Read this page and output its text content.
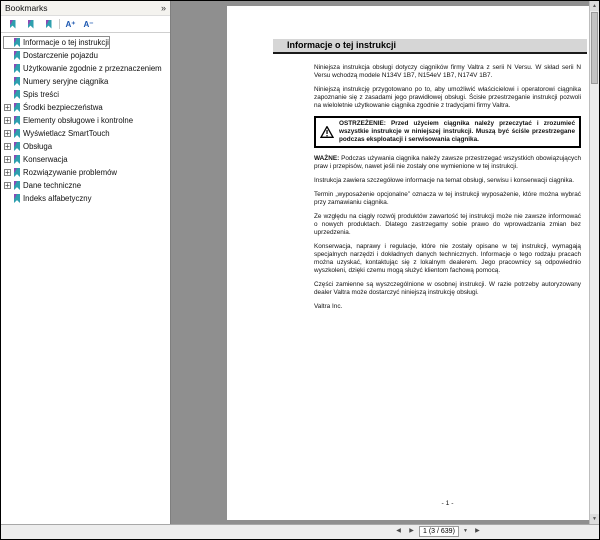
Bookmarks	»
A⁺	A⁻
Informacje o tej instrukcji
Dostarczenie pojazdu
Użytkowanie zgodnie z przeznaczeniem
Numery seryjne ciągnika
Spis treści
+ Środki bezpieczeństwa
+ Elementy obsługowe i kontrolne
+ Wyświetlacz SmartTouch
+ Obsługa
+ Konserwacja
+ Rozwiązywanie problemów
+ Dane techniczne
Indeks alfabetyczny
Informacje o tej instrukcji

Niniejsza instrukcja obsługi dotyczy ciągników firmy Valtra z serii N Versu. W skład serii N Versu wchodzą modele N134V 1B7, N154eV 1B7, N174V 1B7.

Niniejszą instrukcję przygotowano po to, aby umożliwić właścicielowi i operatorowi ciągnika zapoznanie się z zasadami jego prawidłowej obsługi. Ścisłe przestrzeganie instrukcji pozwoli na wieloletnie użytkowanie ciągnika zgodnie z tradycjami firmy Valtra.

OSTRZEŻENIE: Przed użyciem ciągnika należy przeczytać i zrozumieć wszystkie instrukcje w niniejszej instrukcji. Muszą być ściśle przestrzegane podczas eksploatacji i serwisowania ciągnika.

WAŻNE: Podczas używania ciągnika należy zawsze przestrzegać wszystkich obowiązujących praw i przepisów, nawet jeśli nie zostały one wymienione w tej instrukcji.

Instrukcja zawiera szczegółowe informacje na temat obsługi, serwisu i konserwacji ciągnika.

Termin „wyposażenie opcjonalne” oznacza w tej instrukcji wyposażenie, które można wybrać przy zamawianiu ciągnika.

Ze względu na ciągły rozwój produktów zawartość tej instrukcji może nie zawsze informować o nowych produktach. Dlatego zastrzegamy sobie prawo do wprowadzania zmian bez uprzedzenia.

Konserwacja, naprawy i regulacje, które nie zostały opisane w tej instrukcji, wymagają specjalnych narzędzi i dokładnych danych technicznych. Informacje o tego rodzaju pracach można uzyskać, kontaktując się z lokalnym dealerem. Jego pracownicy są odpowiednio wyszkoleni, dzięki czemu mogą służyć klientom fachową pomocą.

Części zamienne są wyszczególnione w osobnej instrukcji. W razie potrzeby autoryzowany dealer Valtra może dostarczyć niniejszą instrukcję obsługi.

Valtra Inc.

- 1 -
▲
▼
◀	▶	1 (3 / 639)	▼	▶
